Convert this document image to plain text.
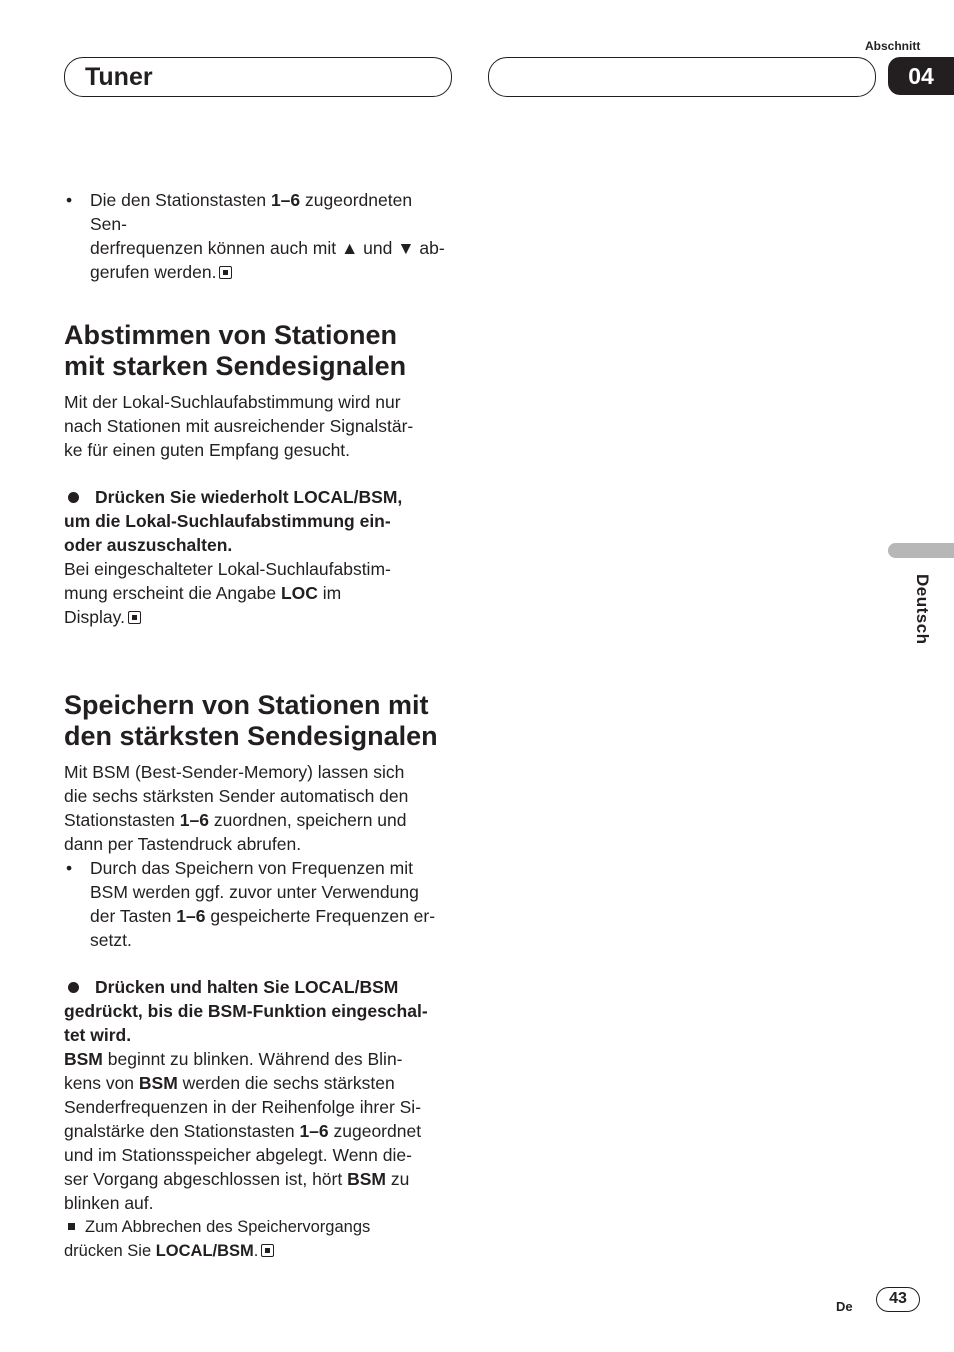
Tuner
Abschnitt
04

• Die den Stationstasten 1–6 zugeordneten Sen-
derfrequenzen können auch mit ▲ und ▼ ab-
gerufen werden.

Abstimmen von Stationen
mit starken Sendesignalen

Mit der Lokal-Suchlaufabstimmung wird nur
nach Stationen mit ausreichender Signalstär-
ke für einen guten Empfang gesucht.

Drücken Sie wiederholt LOCAL/BSM,
um die Lokal-Suchlaufabstimmung ein-
oder auszuschalten.

Bei eingeschalteter Lokal-Suchlaufabstim-
mung erscheint die Angabe LOC im
Display.

Speichern von Stationen mit
den stärksten Sendesignalen

Mit BSM (Best-Sender-Memory) lassen sich
die sechs stärksten Sender automatisch den
Stationstasten 1–6 zuordnen, speichern und
dann per Tastendruck abrufen.

• Durch das Speichern von Frequenzen mit
BSM werden ggf. zuvor unter Verwendung
der Tasten 1–6 gespeicherte Frequenzen er-
setzt.

Drücken und halten Sie LOCAL/BSM
gedrückt, bis die BSM-Funktion eingeschal-
tet wird.

BSM beginnt zu blinken. Während des Blin-
kens von BSM werden die sechs stärksten
Senderfrequenzen in der Reihenfolge ihrer Si-
gnalstärke den Stationstasten 1–6 zugeordnet
und im Stationsspeicher abgelegt. Wenn die-
ser Vorgang abgeschlossen ist, hört BSM zu
blinken auf.

Zum Abbrechen des Speichervorgangs
drücken Sie LOCAL/BSM.

Deutsch
De	43
